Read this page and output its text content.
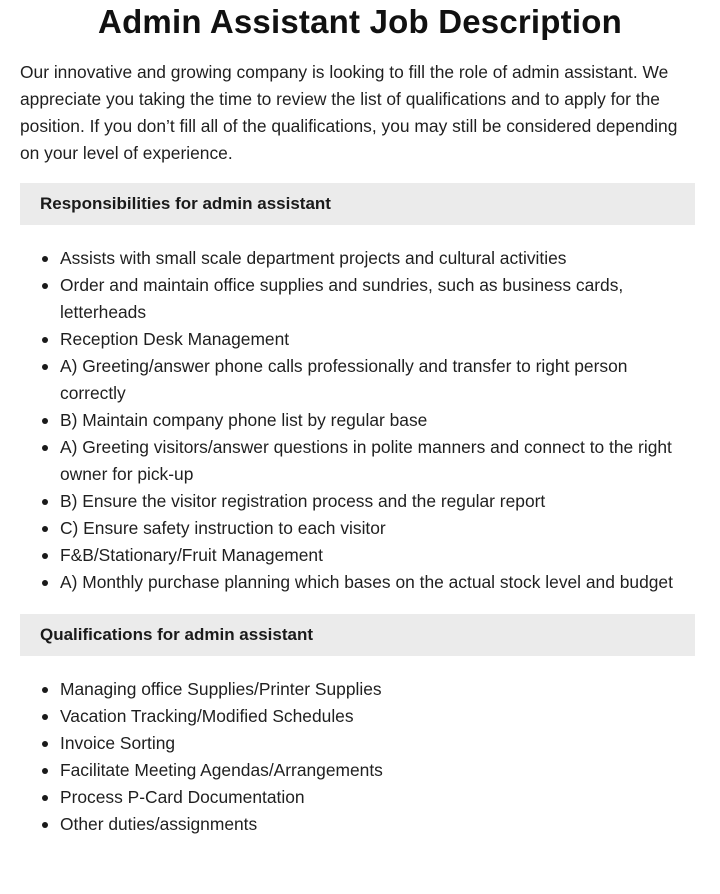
Admin Assistant Job Description

Our innovative and growing company is looking to fill the role of admin assistant. We appreciate you taking the time to review the list of qualifications and to apply for the position. If you don’t fill all of the qualifications, you may still be considered depending on your level of experience.

Responsibilities for admin assistant
Assists with small scale department projects and cultural activities
Order and maintain office supplies and sundries, such as business cards, letterheads
Reception Desk Management
A) Greeting/answer phone calls professionally and transfer to right person correctly
B) Maintain company phone list by regular base
A) Greeting visitors/answer questions in polite manners and connect to the right owner for pick-up
B) Ensure the visitor registration process and the regular report
C) Ensure safety instruction to each visitor
F&B/Stationary/Fruit Management
A) Monthly purchase planning which bases on the actual stock level and budget
Qualifications for admin assistant
Managing office Supplies/Printer Supplies
Vacation Tracking/Modified Schedules
Invoice Sorting
Facilitate Meeting Agendas/Arrangements
Process P-Card Documentation
Other duties/assignments
